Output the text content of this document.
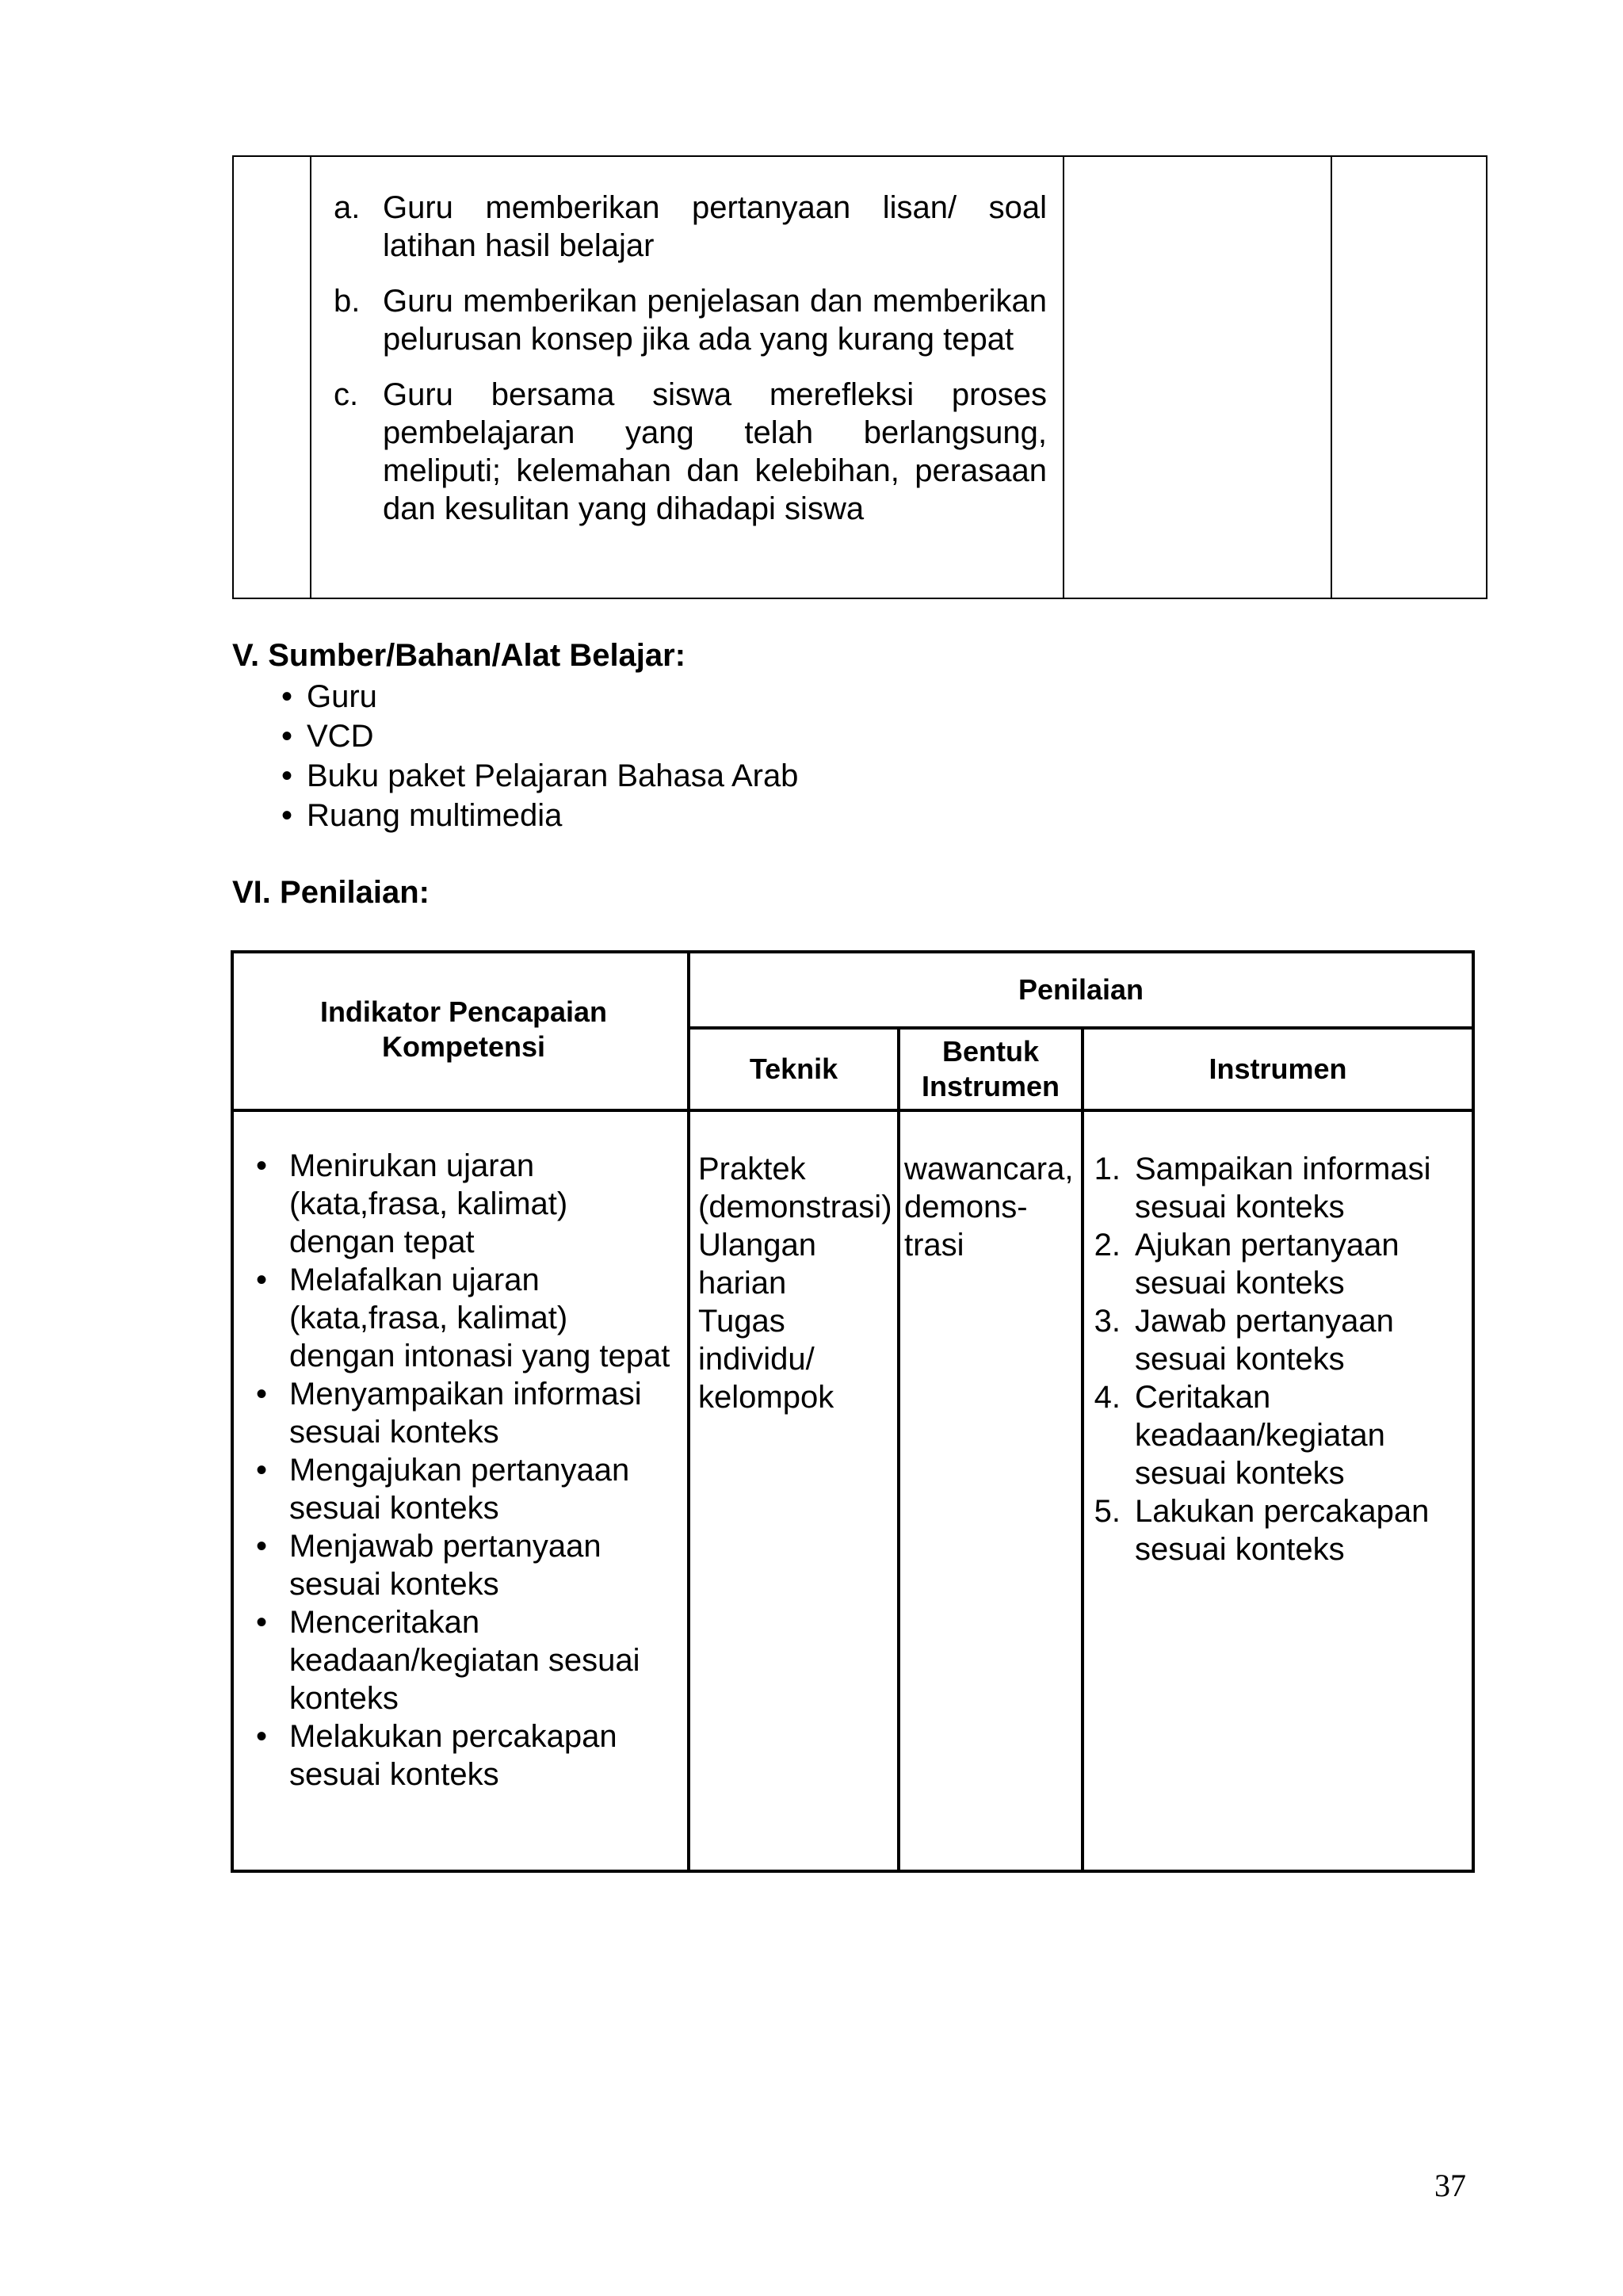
a. Guru memberikan pertanyaan lisan/ soal latihan hasil belajar
b. Guru memberikan penjelasan dan memberikan pelurusan konsep jika ada yang kurang tepat
c. Guru bersama siswa merefleksi proses pembelajaran yang telah berlangsung, meliputi; kelemahan dan kelebihan, perasaan dan kesulitan yang dihadapi siswa
V. Sumber/Bahan/Alat Belajar:
• Guru
• VCD
• Buku paket Pelajaran Bahasa Arab
• Ruang multimedia
VI. Penilaian:
Indikator Pencapaian Kompetensi
Penilaian
Teknik
Bentuk Instrumen
Instrumen
• Menirukan ujaran (kata,frasa, kalimat) dengan tepat
• Melafalkan ujaran (kata,frasa, kalimat) dengan intonasi yang tepat
• Menyampaikan informasi sesuai konteks
• Mengajukan pertanyaan sesuai konteks
• Menjawab pertanyaan sesuai konteks
• Menceritakan keadaan/kegiatan sesuai konteks
• Melakukan percakapan sesuai konteks
Praktek
(demonstrasi)
Ulangan
harian
Tugas
individu/
kelompok
wawancara,
demons-
trasi
1. Sampaikan informasi sesuai konteks
2. Ajukan pertanyaan sesuai konteks
3. Jawab pertanyaan sesuai konteks
4. Ceritakan keadaan/kegiatan sesuai konteks
5. Lakukan percakapan sesuai konteks
37
